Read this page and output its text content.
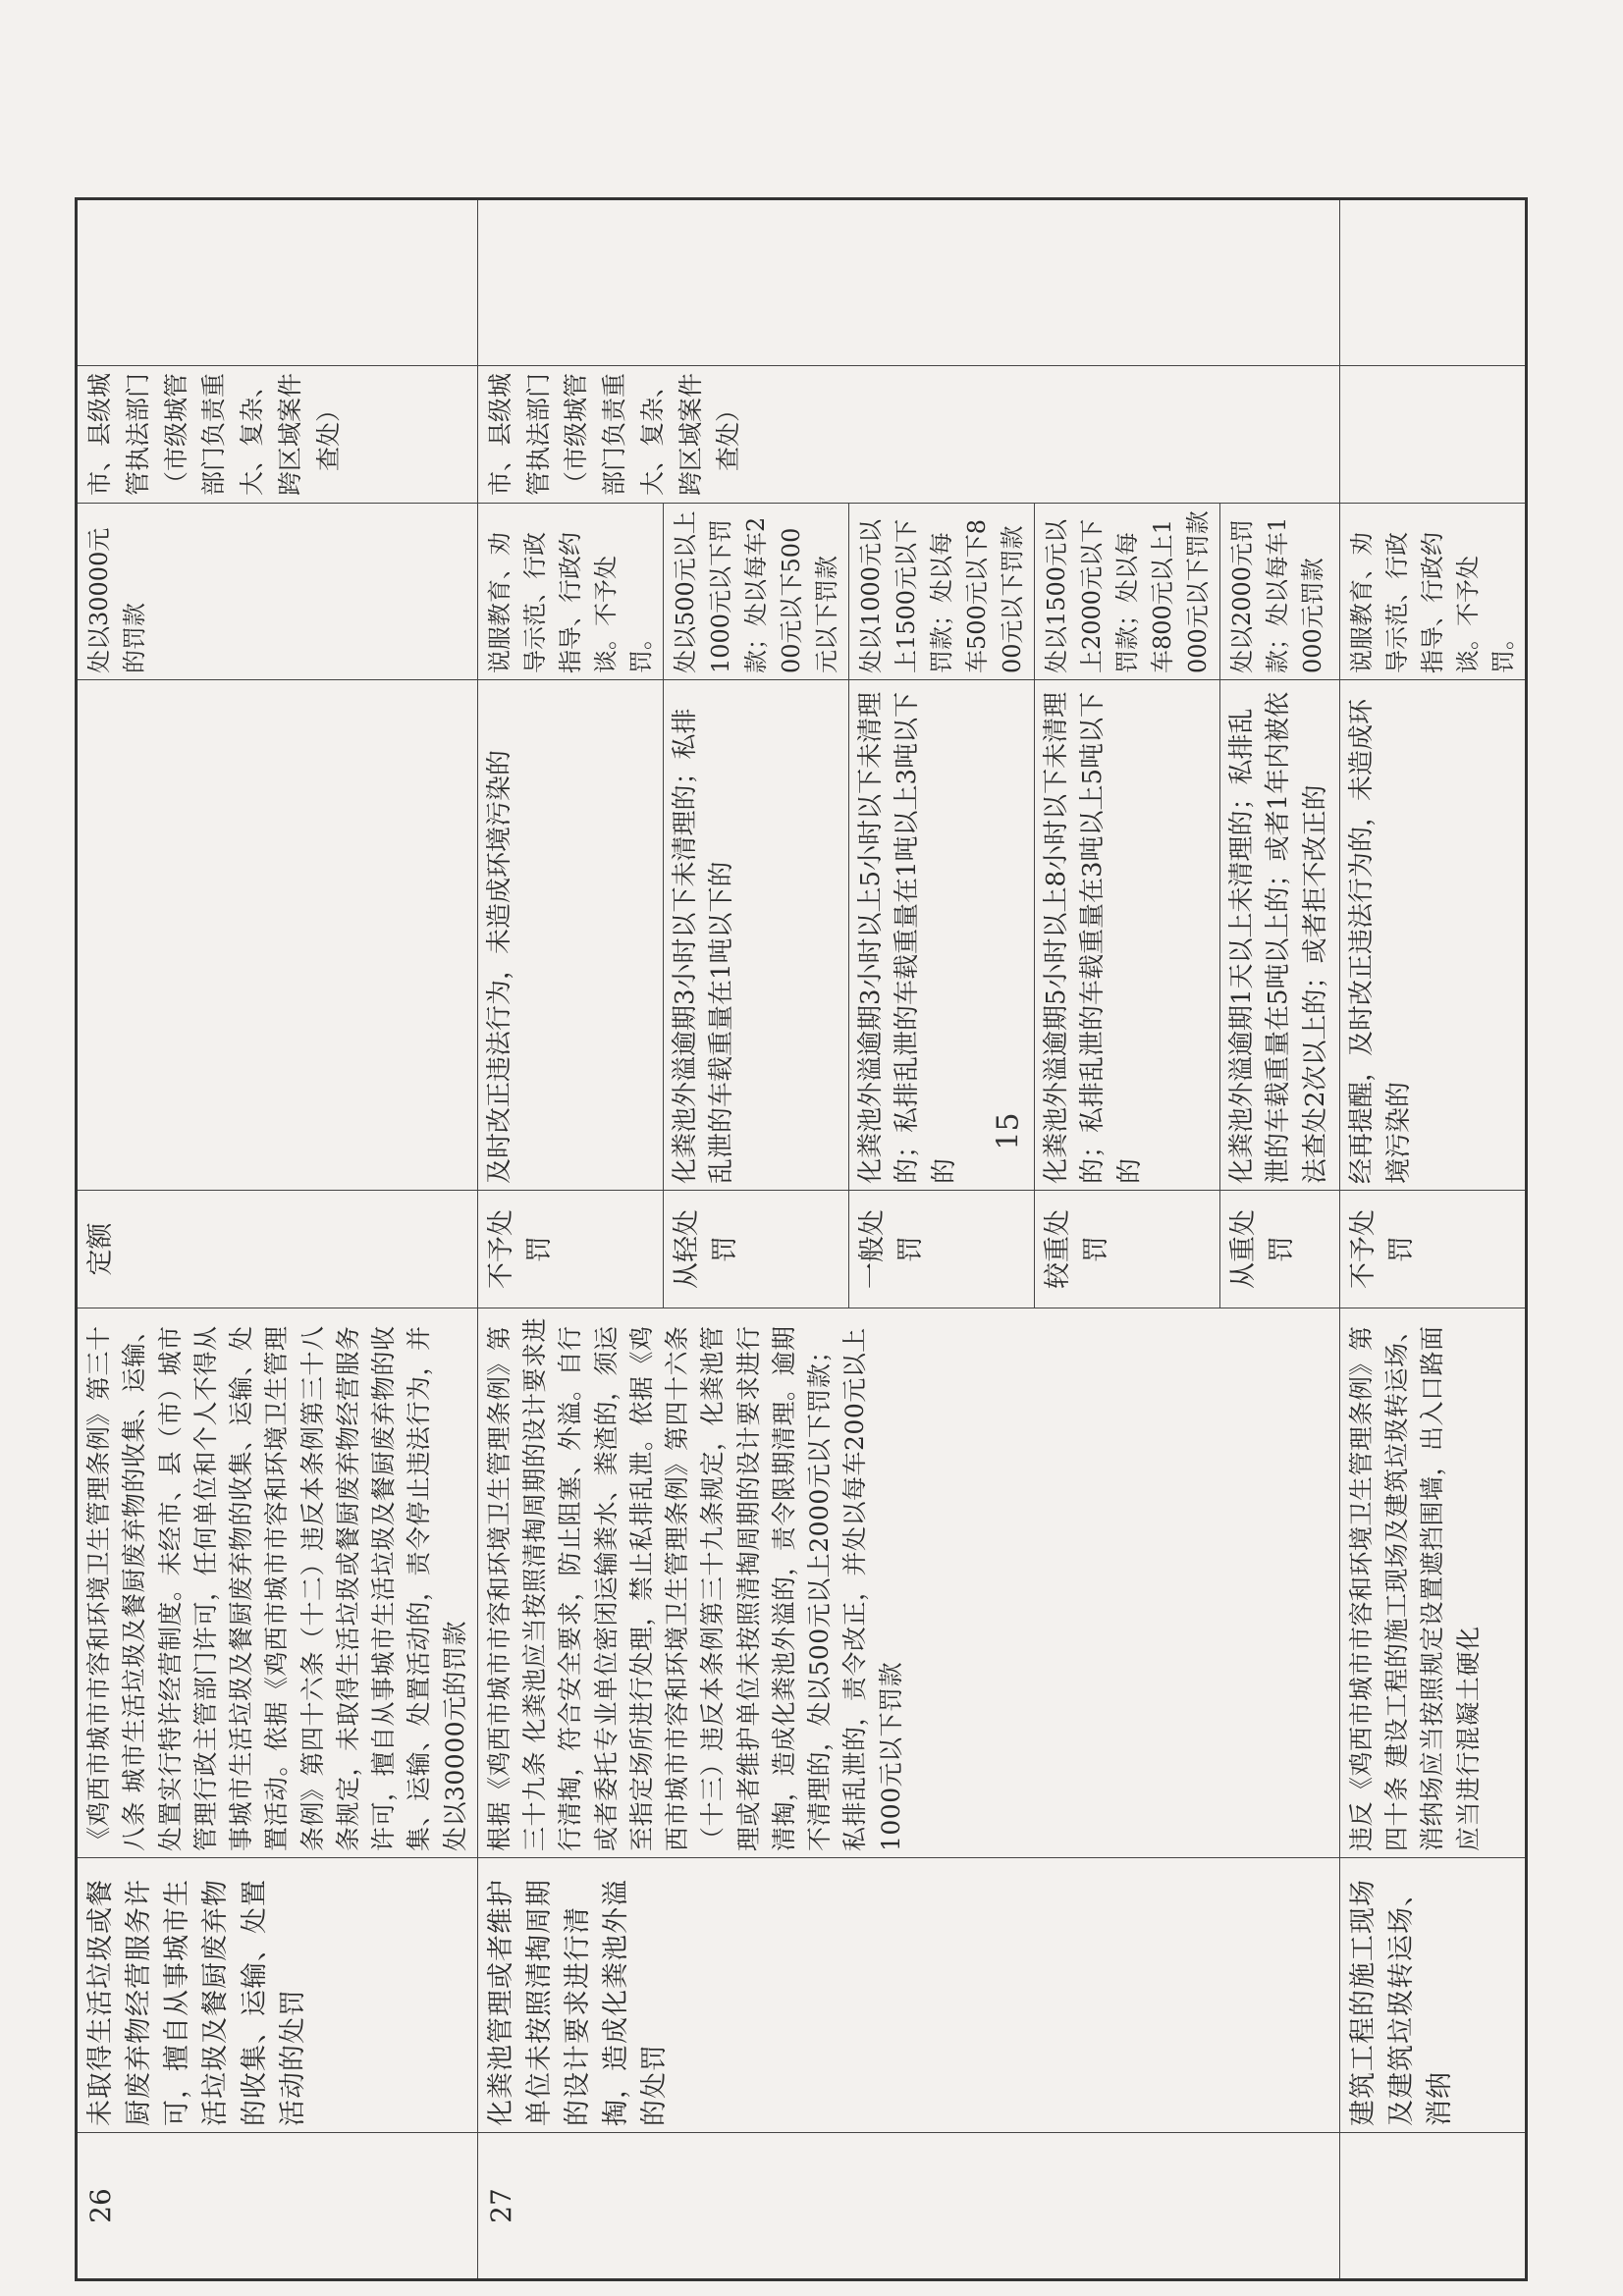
26	未取得生活垃圾或餐厨废弃物经营服务许可，擅自从事城市生活垃圾及餐厨废弃物的收集、运输、处置活动的处罚	《鸡西市城市市容和环境卫生管理条例》第三十八条 城市生活垃圾及餐厨废弃物的收集、运输、处置实行特许经营制度。未经市、县（市）城市管理行政主管部门许可，任何单位和个人不得从事城市生活垃圾及餐厨废弃物的收集、运输、处置活动。依据《鸡西市城市市容和环境卫生管理条例》第四十六条（十二）违反本条例第三十八条规定，未取得生活垃圾或餐厨废弃物经营服务许可，擅自从事城市生活垃圾及餐厨废弃物的收集、运输、处置活动的，责令停止违法行为，并处以30000元的罚款	定额		处以30000元的罚款	市、县级城管执法部门（市级城管部门负责重大、复杂、跨区域案件查处）	
27	化粪池管理或者维护单位未按照清掏周期的设计要求进行清掏，造成化粪池外溢的处罚	根据《鸡西市城市市容和环境卫生管理条例》第三十九条 化粪池应当按照清掏周期的设计要求进行清掏，符合安全要求，防止阻塞、外溢。自行或者委托专业单位密闭运输粪水、粪渣的，须运至指定场所进行处理，禁止私排乱泄。依据《鸡西市城市市容和环境卫生管理条例》第四十六条（十三）违反本条例第三十九条规定，化粪池管理或者维护单位未按照清掏周期的设计要求进行清掏，造成化粪池外溢的，责令限期清理。逾期不清理的，处以500元以上2000元以下罚款；私排乱泄的，责令改正，并处以每车200元以上1000元以下罚款	不予处罚	及时改正违法行为，未造成环境污染的	说服教育、劝导示范、行政指导、行政约谈。不予处罚。	市、县级城管执法部门（市级城管部门负责重大、复杂、跨区域案件查处）	
			从轻处罚	化粪池外溢逾期3小时以下未清理的；私排乱泄的车载重量在1吨以下的	处以500元以上1000元以下罚款；处以每车200元以下500元以下罚款		
			一般处罚	化粪池外溢逾期3小时以上5小时以下未清理的；私排乱泄的车载重量在1吨以上3吨以下的	处以1000元以上1500元以下罚款；处以每车500元以下800元以下罚款		
			较重处罚	化粪池外溢逾期5小时以上8小时以下未清理的；私排乱泄的车载重量在3吨以上5吨以下的	处以1500元以上2000元以下罚款；处以每车800元以上1000元以下罚款		
			从重处罚	化粪池外溢逾期1天以上未清理的；私排乱泄的车载重量在5吨以上的；或者1年内被依法查处2次以上的；或者拒不改正的	处以2000元罚款；处以每车1000元罚款		
	建筑工程的施工现场及建筑垃圾转运场、消纳	违反《鸡西市城市市容和环境卫生管理条例》第四十条 建设工程的施工现场及建筑垃圾转运场、消纳场应当按照规定设置遮挡围墙，出入口路面应当进行混凝土硬化	不予处罚	经再提醒，及时改正违法行为的，未造成环境污染的	说服教育、劝导示范、行政指导、行政约谈。不予处罚。		
15
